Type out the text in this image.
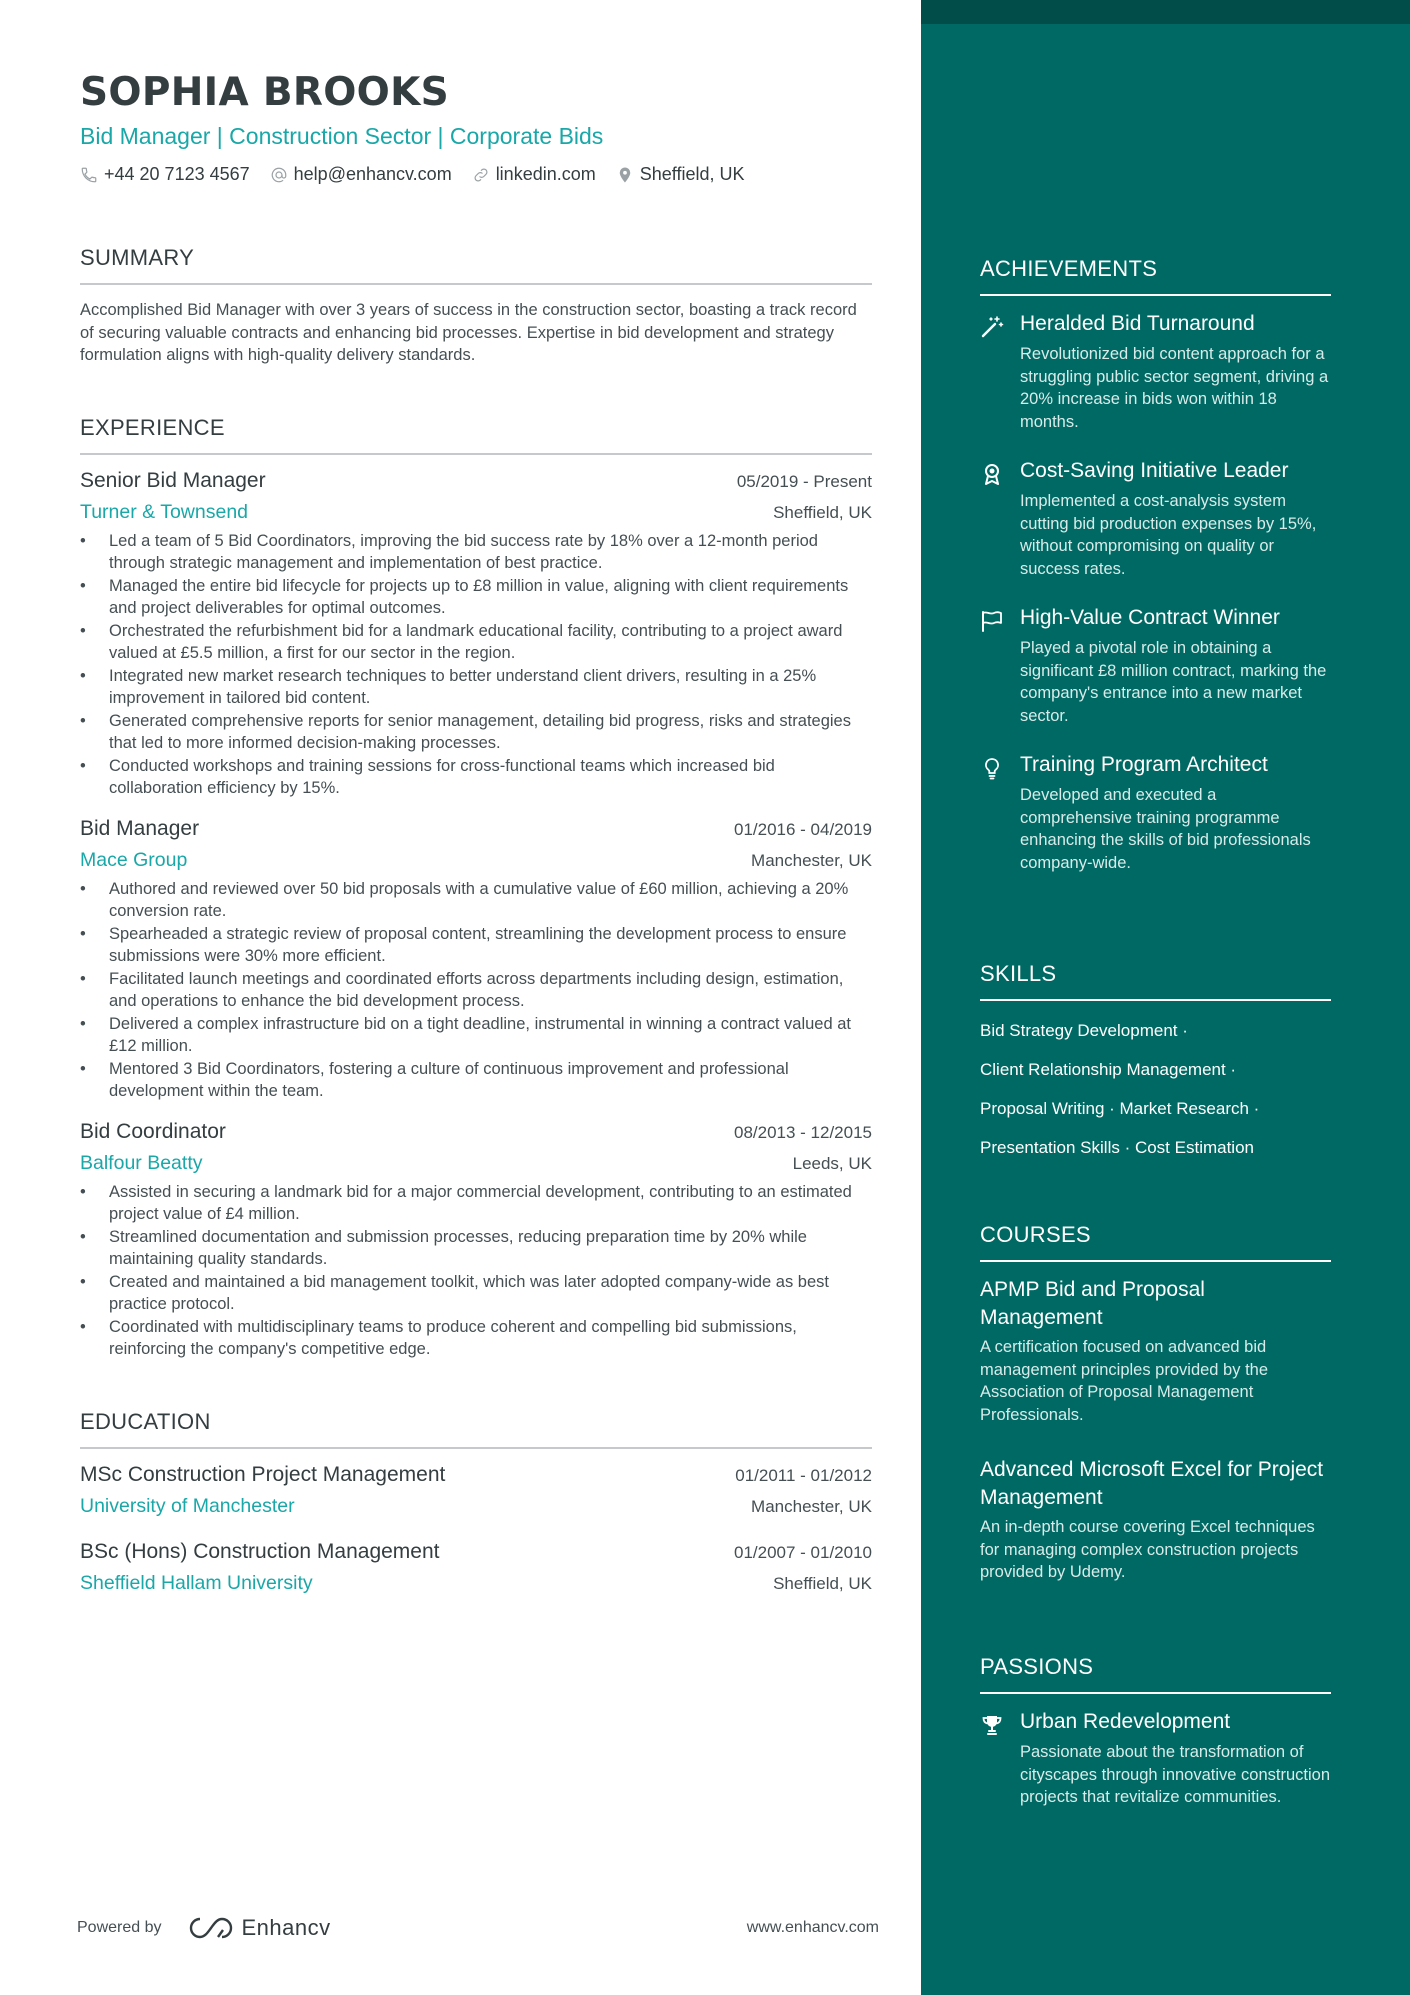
SOPHIA BROOKS
Bid Manager | Construction Sector | Corporate Bids
+44 20 7123 4567 help@enhancv.com linkedin.com Sheffield, UK
SUMMARY
Accomplished Bid Manager with over 3 years of success in the construction sector, boasting a track record of securing valuable contracts and enhancing bid processes. Expertise in bid development and strategy formulation aligns with high-quality delivery standards.
EXPERIENCE
Senior Bid Manager	05/2019 - Present
Turner & Townsend	Sheffield, UK
• Led a team of 5 Bid Coordinators, improving the bid success rate by 18% over a 12-month period through strategic management and implementation of best practice.
• Managed the entire bid lifecycle for projects up to £8 million in value, aligning with client requirements and project deliverables for optimal outcomes.
• Orchestrated the refurbishment bid for a landmark educational facility, contributing to a project award valued at £5.5 million, a first for our sector in the region.
• Integrated new market research techniques to better understand client drivers, resulting in a 25% improvement in tailored bid content.
• Generated comprehensive reports for senior management, detailing bid progress, risks and strategies that led to more informed decision-making processes.
• Conducted workshops and training sessions for cross-functional teams which increased bid collaboration efficiency by 15%.
Bid Manager	01/2016 - 04/2019
Mace Group	Manchester, UK
• Authored and reviewed over 50 bid proposals with a cumulative value of £60 million, achieving a 20% conversion rate.
• Spearheaded a strategic review of proposal content, streamlining the development process to ensure submissions were 30% more efficient.
• Facilitated launch meetings and coordinated efforts across departments including design, estimation, and operations to enhance the bid development process.
• Delivered a complex infrastructure bid on a tight deadline, instrumental in winning a contract valued at £12 million.
• Mentored 3 Bid Coordinators, fostering a culture of continuous improvement and professional development within the team.
Bid Coordinator	08/2013 - 12/2015
Balfour Beatty	Leeds, UK
• Assisted in securing a landmark bid for a major commercial development, contributing to an estimated project value of £4 million.
• Streamlined documentation and submission processes, reducing preparation time by 20% while maintaining quality standards.
• Created and maintained a bid management toolkit, which was later adopted company-wide as best practice protocol.
• Coordinated with multidisciplinary teams to produce coherent and compelling bid submissions, reinforcing the company's competitive edge.
EDUCATION
MSc Construction Project Management	01/2011 - 01/2012
University of Manchester	Manchester, UK
BSc (Hons) Construction Management	01/2007 - 01/2010
Sheffield Hallam University	Sheffield, UK
Powered by	Enhancv	www.enhancv.com
ACHIEVEMENTS
Heralded Bid Turnaround
Revolutionized bid content approach for a struggling public sector segment, driving a 20% increase in bids won within 18 months.
Cost-Saving Initiative Leader
Implemented a cost-analysis system cutting bid production expenses by 15%, without compromising on quality or success rates.
High-Value Contract Winner
Played a pivotal role in obtaining a significant £8 million contract, marking the company's entrance into a new market sector.
Training Program Architect
Developed and executed a comprehensive training programme enhancing the skills of bid professionals company-wide.
SKILLS
Bid Strategy Development ·
Client Relationship Management ·
Proposal Writing · Market Research ·
Presentation Skills · Cost Estimation
COURSES
APMP Bid and Proposal Management
A certification focused on advanced bid management principles provided by the Association of Proposal Management Professionals.
Advanced Microsoft Excel for Project Management
An in-depth course covering Excel techniques for managing complex construction projects provided by Udemy.
PASSIONS
Urban Redevelopment
Passionate about the transformation of cityscapes through innovative construction projects that revitalize communities.
